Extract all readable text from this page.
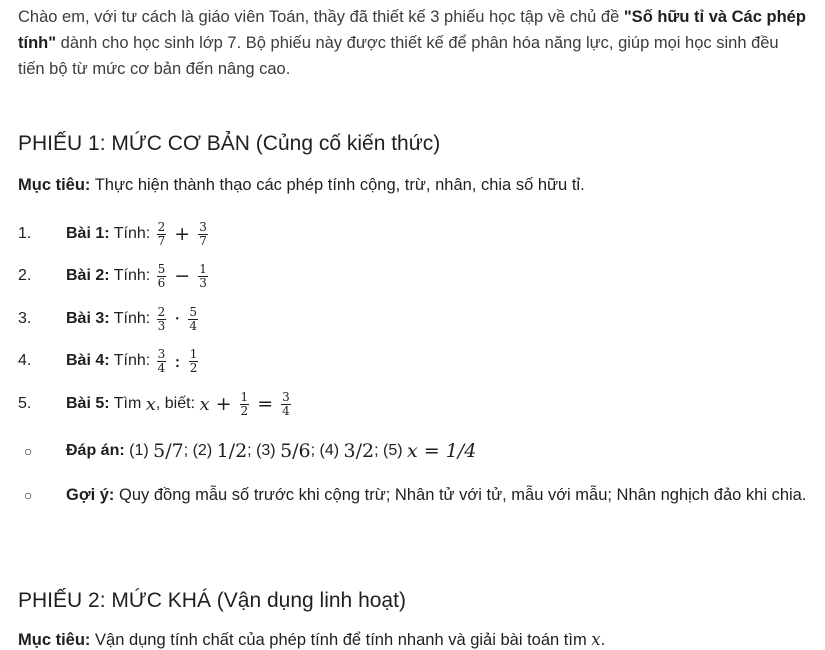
Chào em, với tư cách là giáo viên Toán, thầy đã thiết kế 3 phiếu học tập về chủ đề "Số hữu tỉ và Các phép tính" dành cho học sinh lớp 7. Bộ phiếu này được thiết kế để phân hóa năng lực, giúp mọi học sinh đều tiến bộ từ mức cơ bản đến nâng cao.

PHIẾU 1: MỨC CƠ BẢN (Củng cố kiến thức)
Mục tiêu: Thực hiện thành thạo các phép tính cộng, trừ, nhân, chia số hữu tỉ.
1.	Bài 1: Tính: $\frac{2}{7} + \frac{3}{7}$
2.	Bài 2: Tính: $\frac{5}{6} - \frac{1}{3}$
3.	Bài 3: Tính: $\frac{2}{3} \cdot \frac{5}{4}$
4.	Bài 4: Tính: $\frac{3}{4}$ : $\frac{1}{2}$
5.	Bài 5: Tìm x , biết: $x + \frac{1}{2} = \frac{3}{4}$
○	Đáp án: (1) 5/7 ; (2) 1/2 ; (3) 5/6 ; (4) 3/2 ; (5) x = 1/4
○	Gợi ý: Quy đồng mẫu số trước khi cộng trừ; Nhân tử với tử, mẫu với mẫu; Nhân nghịch đảo khi chia.
PHIẾU 2: MỨC KHÁ (Vận dụng linh hoạt)
Mục tiêu: Vận dụng tính chất của phép tính để tính nhanh và giải bài toán tìm x.
